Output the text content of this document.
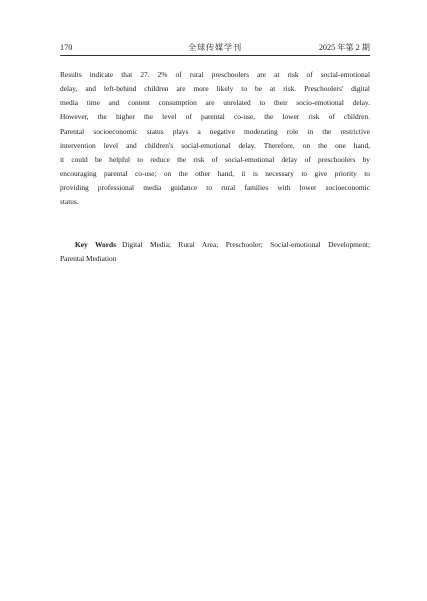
170	全球传媒学刊	2025 年第 2 期
Results indicate that 27. 2% of rural preschoolers are at risk of social-emotional
delay, and left-behind children are more likely to be at risk. Preschoolers' digital
media time and content consumption are unrelated to their socio-emotional delay.
However, the higher the level of parental co-use, the lower risk of children.
Parental socioeconomic status plays a negative moderating role in the restrictive
intervention level and children's social-emotional delay. Therefore, on the one hand,
it could be helpful to reduce the risk of social-emotional delay of preschoolers by
encouraging parental co-use; on the other hand, it is necessary to give priority to
providing professional media guidance to rural families with lower socioeconomic
status.
Key Words Digital Media; Rural Area; Preschooler; Social-emotional Development;
Parental Mediation
